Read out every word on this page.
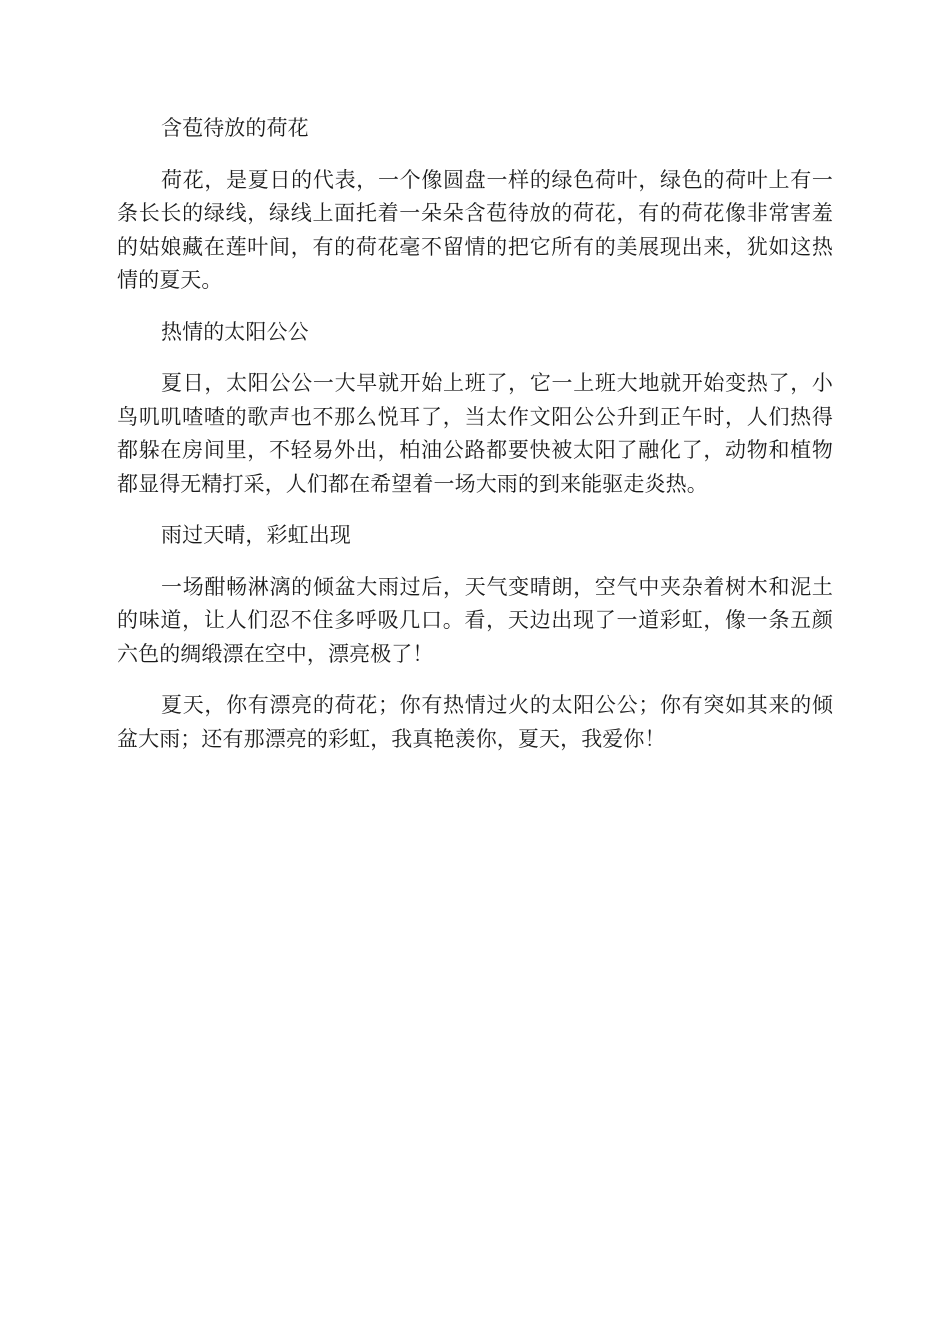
含苞待放的荷花

荷花，是夏日的代表，一个像圆盘一样的绿色荷叶，绿色的荷叶上有一条长长的绿线，绿线上面托着一朵朵含苞待放的荷花，有的荷花像非常害羞的姑娘藏在莲叶间，有的荷花毫不留情的把它所有的美展现出来，犹如这热情的夏天。

热情的太阳公公

夏日，太阳公公一大早就开始上班了，它一上班大地就开始变热了，小鸟叽叽喳喳的歌声也不那么悦耳了，当太作文阳公公升到正午时，人们热得都躲在房间里，不轻易外出，柏油公路都要快被太阳了融化了，动物和植物都显得无精打采，人们都在希望着一场大雨的到来能驱走炎热。

雨过天晴，彩虹出现

一场酣畅淋漓的倾盆大雨过后，天气变晴朗，空气中夹杂着树木和泥土的味道，让人们忍不住多呼吸几口。看，天边出现了一道彩虹，像一条五颜六色的绸缎漂在空中，漂亮极了！

夏天，你有漂亮的荷花；你有热情过火的太阳公公；你有突如其来的倾盆大雨；还有那漂亮的彩虹，我真艳羡你，夏天，我爱你！
